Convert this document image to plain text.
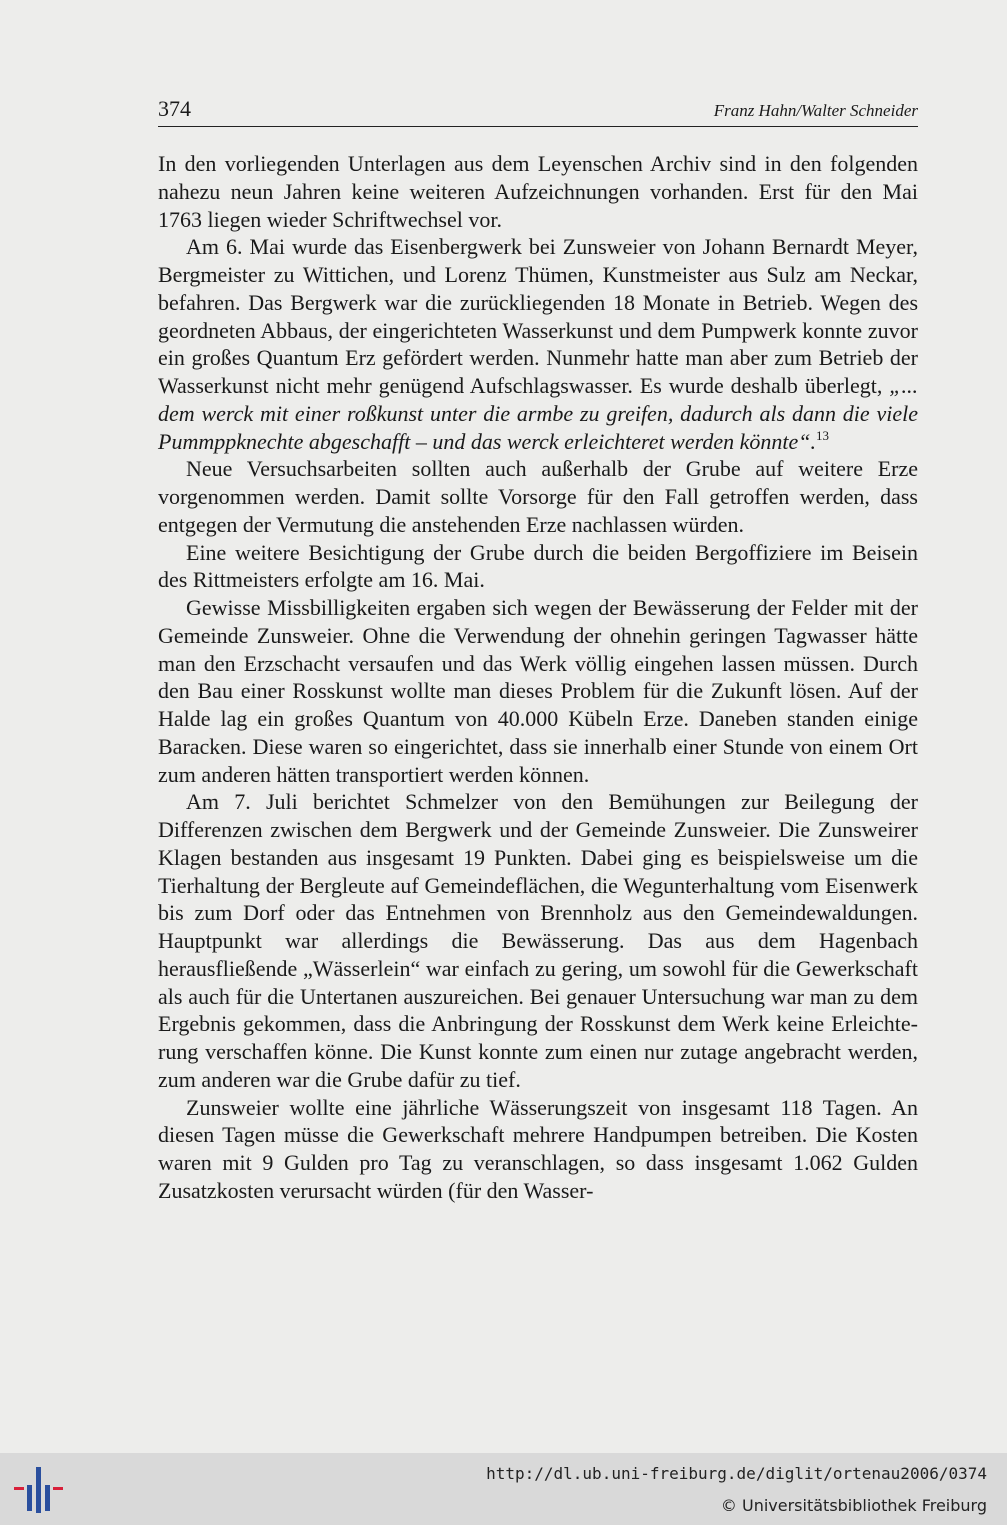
374	Franz Hahn/Walter Schneider

In den vorliegenden Unterlagen aus dem Leyenschen Archiv sind in den folgenden nahezu neun Jahren keine weiteren Aufzeichnungen vorhanden. Erst für den Mai 1763 liegen wieder Schriftwechsel vor.

Am 6. Mai wurde das Eisenbergwerk bei Zunsweier von Johann Bernardt Meyer, Bergmeister zu Wittichen, und Lorenz Thümen, Kunstmeister aus Sulz am Neckar, befahren. Das Bergwerk war die zurückliegenden 18 Monate in Betrieb. Wegen des geordneten Abbaus, der eingerichteten Wasserkunst und dem Pumpwerk konnte zuvor ein großes Quantum Erz gefördert werden. Nunmehr hatte man aber zum Betrieb der Wasserkunst nicht mehr genügend Aufschlagswasser. Es wurde deshalb überlegt, „... dem werck mit einer roßkunst unter die armbe zu greifen, dadurch als dann die viele Pummppknechte abgeschafft – und das werck erleichteret werden könnte“.$^{13}$

Neue Versuchsarbeiten sollten auch außerhalb der Grube auf weitere Erze vorgenommen werden. Damit sollte Vorsorge für den Fall getroffen werden, dass entgegen der Vermutung die anstehenden Erze nachlassen würden.

Eine weitere Besichtigung der Grube durch die beiden Bergoffiziere im Beisein des Rittmeisters erfolgte am 16. Mai.

Gewisse Missbilligkeiten ergaben sich wegen der Bewässerung der Felder mit der Gemeinde Zunsweier. Ohne die Verwendung der ohnehin geringen Tagwasser hätte man den Erzschacht versaufen und das Werk völlig eingehen lassen müssen. Durch den Bau einer Rosskunst wollte man dieses Problem für die Zukunft lösen. Auf der Halde lag ein großes Quantum von 40.000 Kübeln Erze. Daneben standen einige Baracken. Diese waren so eingerichtet, dass sie innerhalb einer Stunde von einem Ort zum anderen hätten transportiert werden können.

Am 7. Juli berichtet Schmelzer von den Bemühungen zur Beilegung der Differenzen zwischen dem Bergwerk und der Gemeinde Zunsweier. Die Zunsweirer Klagen bestanden aus insgesamt 19 Punkten. Dabei ging es beispielsweise um die Tierhaltung der Bergleute auf Gemeindeflächen, die Wegunterhaltung vom Eisenwerk bis zum Dorf oder das Entnehmen von Brennholz aus den Gemeindewaldungen. Hauptpunkt war allerdings die Bewässerung. Das aus dem Hagenbach herausfließende „Wässerlein“ war einfach zu gering, um sowohl für die Gewerkschaft als auch für die Untertanen auszureichen. Bei genauer Untersuchung war man zu dem Ergebnis gekommen, dass die Anbringung der Rosskunst dem Werk keine Erleichterung verschaffen könne. Die Kunst konnte zum einen nur zutage angebracht werden, zum anderen war die Grube dafür zu tief.

Zunsweier wollte eine jährliche Wässerungszeit von insgesamt 118 Tagen. An diesen Tagen müsse die Gewerkschaft mehrere Handpumpen betreiben. Die Kosten waren mit 9 Gulden pro Tag zu veranschlagen, so dass insgesamt 1.062 Gulden Zusatzkosten verursacht würden (für den Wasser-

http://dl.ub.uni-freiburg.de/diglit/ortenau2006/0374
© Universitätsbibliothek Freiburg
